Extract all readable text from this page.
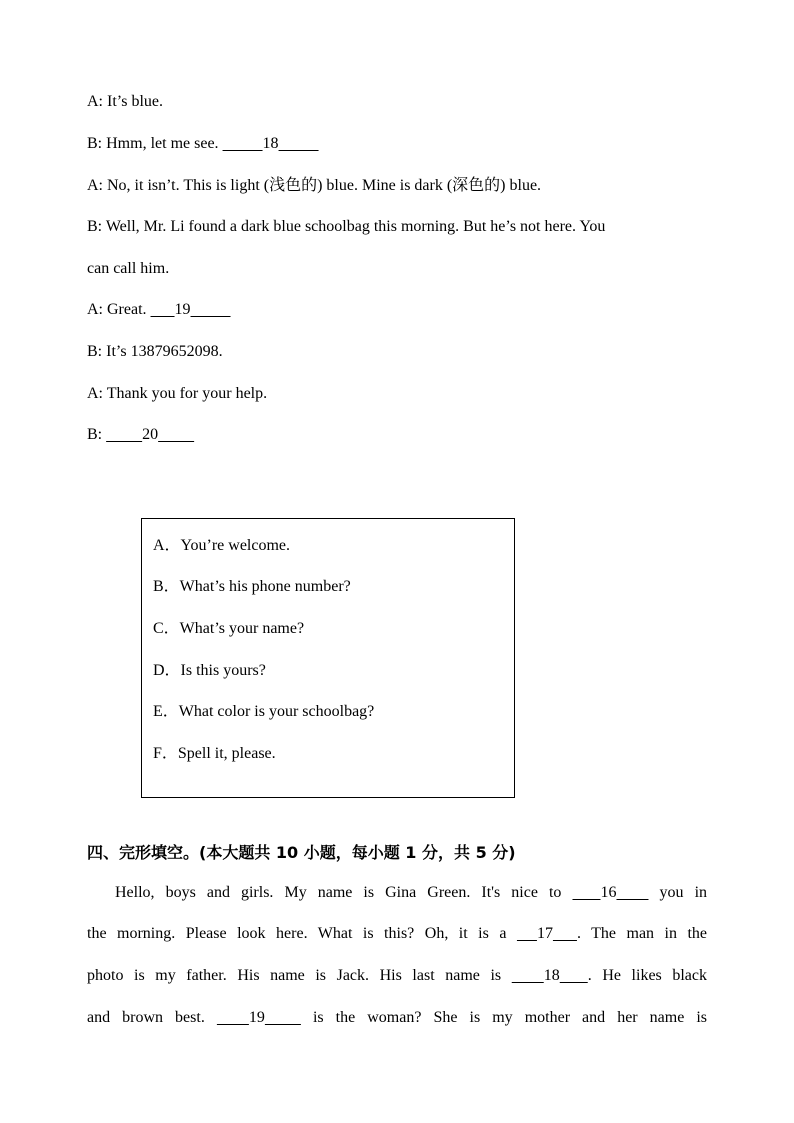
A: It’s blue.
B: Hmm, let me see.	18
A: No, it isn’t. This is light (浅色的) blue. Mine is dark (深色的) blue.
B: Well, Mr. Li found a dark blue schoolbag this morning. But he’s not here. You
can call him.
A: Great. 19
B: It’s 13879652098.
A: Thank you for your help.
B:	20
A．You’re welcome.
B．What’s his phone number?
C．What’s your name?
D．Is this yours?
E．What color is your schoolbag?
F．Spell it, please.
四、完形填空。(本大题共 10 小题，每小题 1 分，共 5 分)
Hello, boys and girls. My name is Gina Green. It's nice to 16	you in
the morning. Please look here. What is this? Oh, it is a 17 . The man in the
photo is my father. His name is Jack. His last name is	18 . He likes black
and brown best.	19	is the woman? She is my mother and her name is
